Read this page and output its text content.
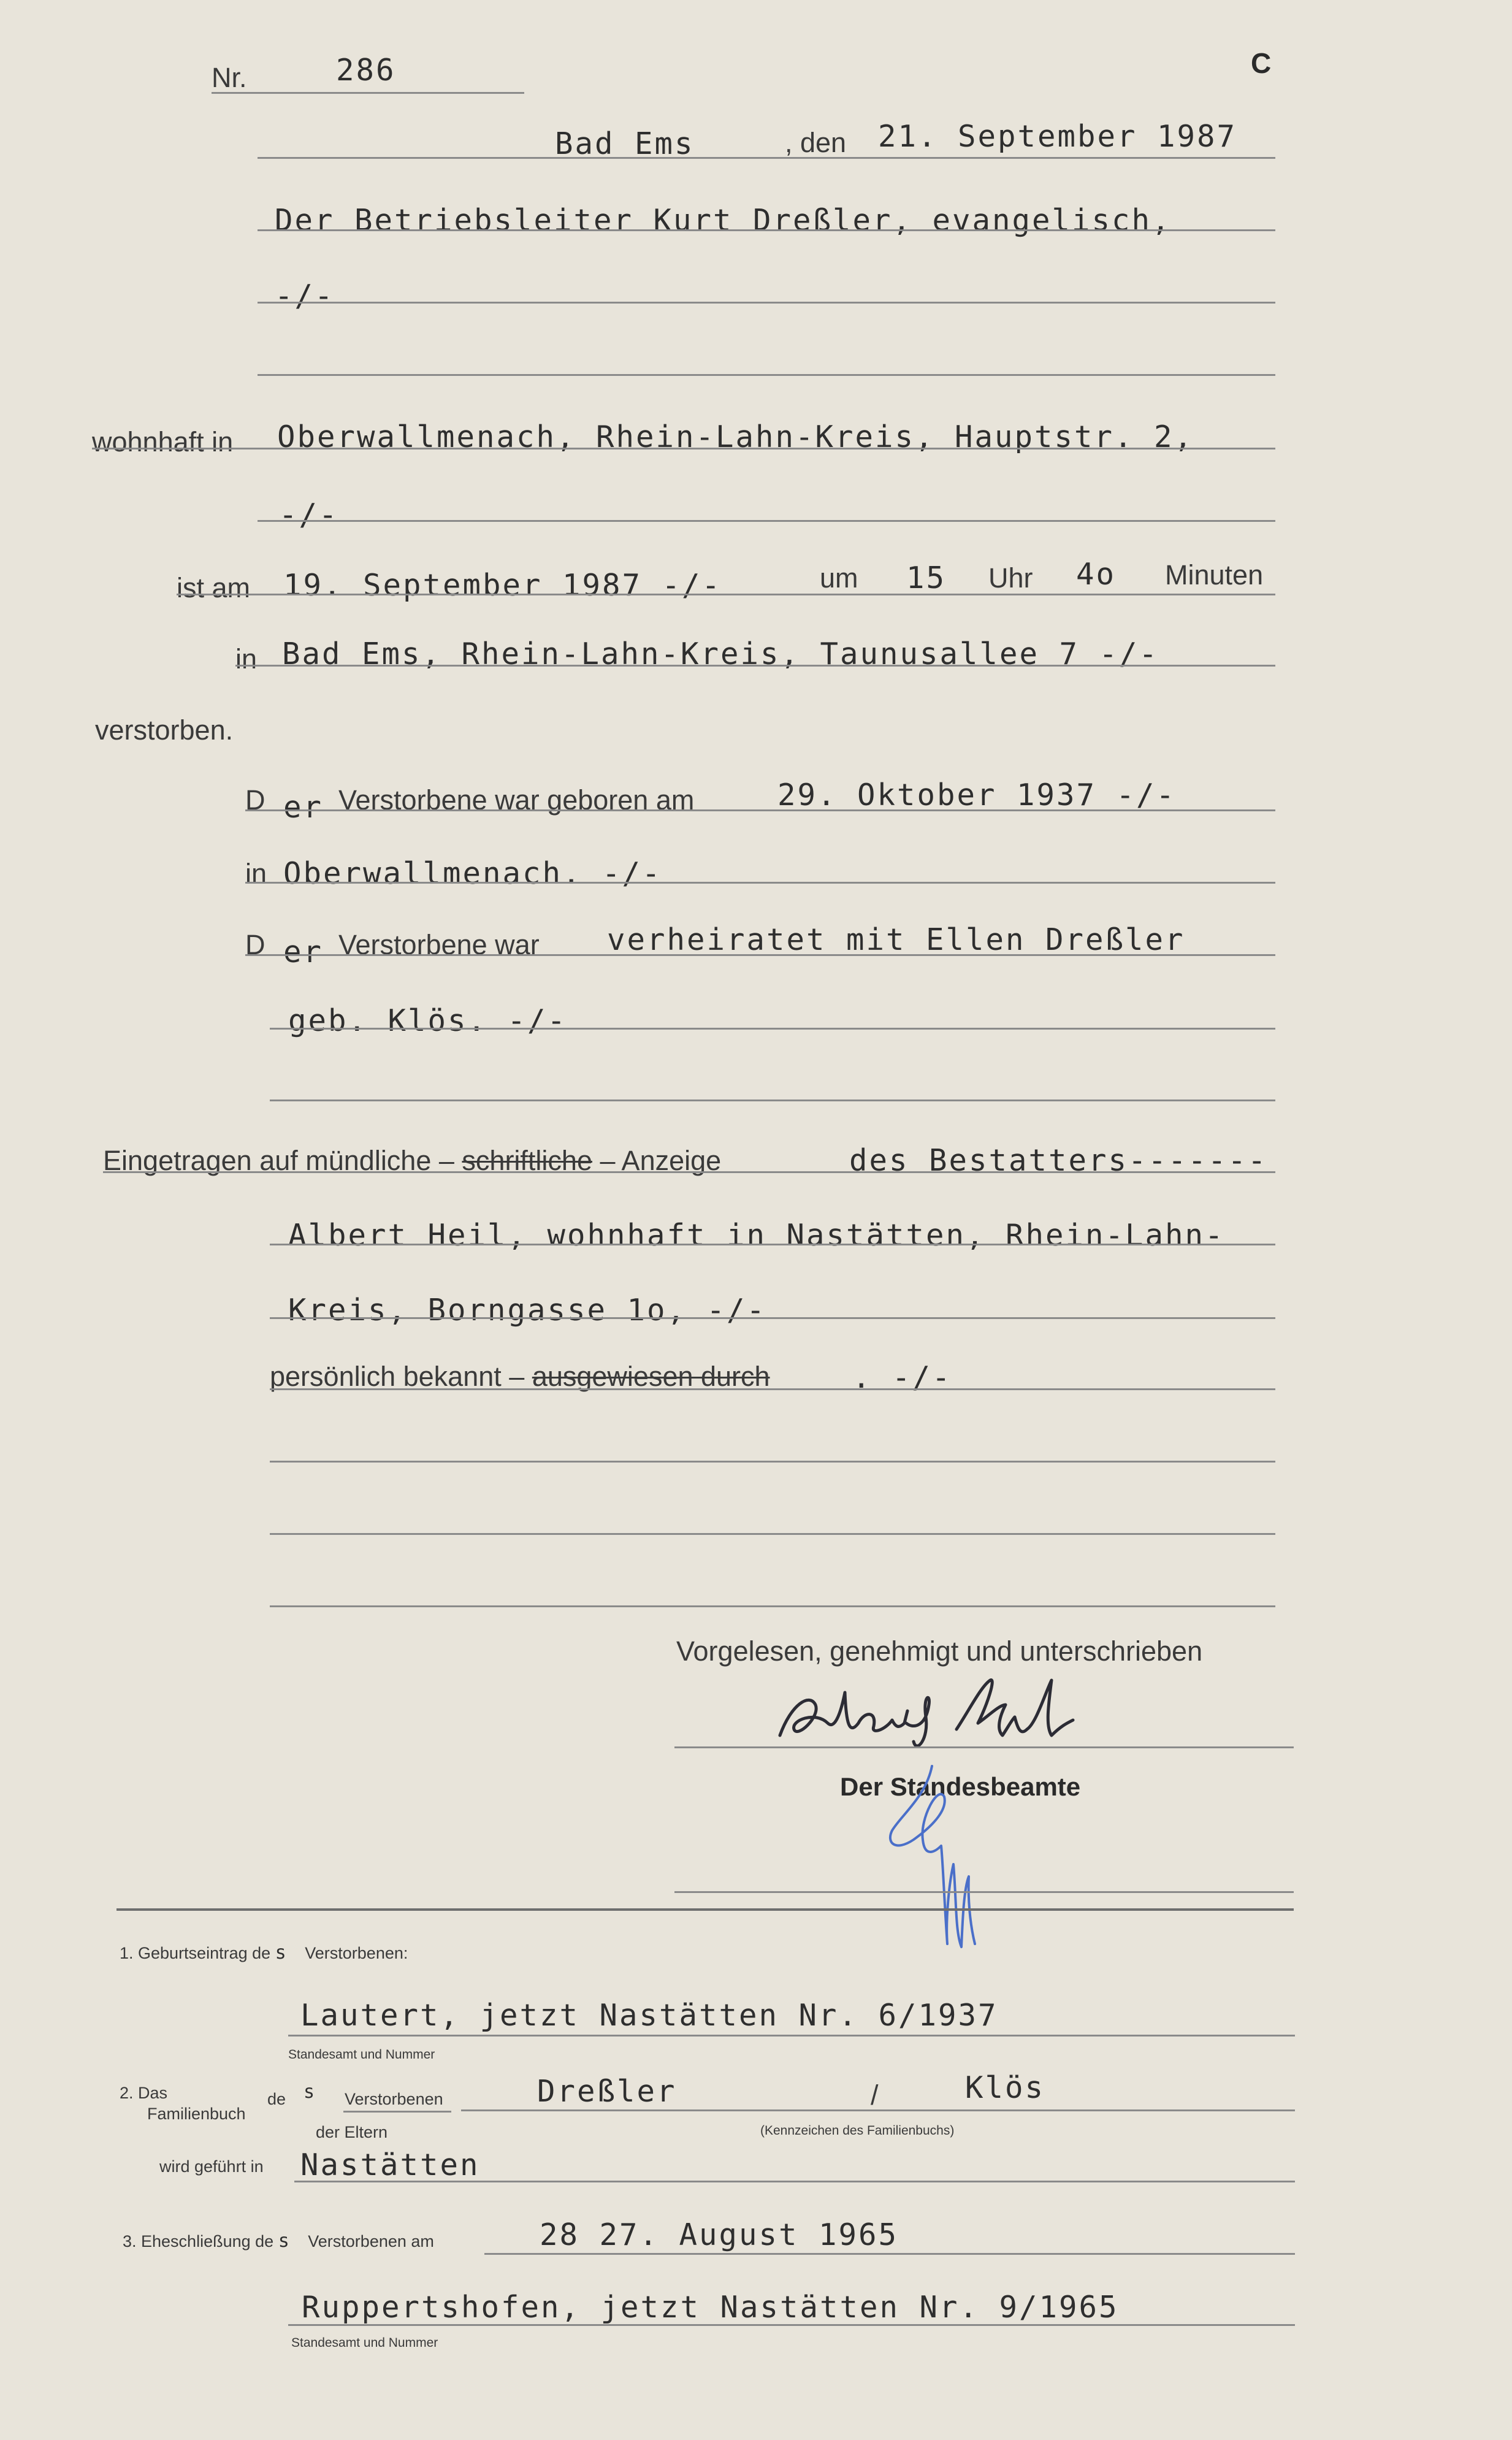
Nr.	286	C
Bad Ems	, den 21. September 1987
Der Betriebsleiter Kurt Dreßler, evangelisch,
-/-
wohnhaft in Oberwallmenach, Rhein-Lahn-Kreis, Hauptstr. 2,
-/-
ist am 19. September 1987 -/-	um 15 Uhr 4o Minuten
in Bad Ems, Rhein-Lahn-Kreis, Taunusallee 7 -/-
verstorben.
D er Verstorbene war geboren am	29. Oktober 1937 -/-
in Oberwallmenach. -/-
D er Verstorbene war verheiratet mit Ellen Dreßler
geb. Klös. -/-
Eingetragen auf mündliche – schriftliche – Anzeige	des Bestatters-------
Albert Heil, wohnhaft in Nastätten, Rhein-Lahn-
Kreis, Borngasse 1o, -/-
persönlich bekannt – ausgewiesen durch	. -/-
Vorgelesen, genehmigt und unterschrieben
Der Standesbeamte
1. Geburtseintrag de s Verstorbenen:
Lautert, jetzt Nastätten Nr. 6/1937
Standesamt und Nummer
2. Das
Familienbuch
de s Verstorbenen
der Eltern
Dreßler	/	Klös
(Kennzeichen des Familienbuchs)
wird geführt in Nastätten
3. Eheschließung de s Verstorbenen am	28 27. August 1965
Ruppertshofen, jetzt Nastätten Nr. 9/1965
Standesamt und Nummer
